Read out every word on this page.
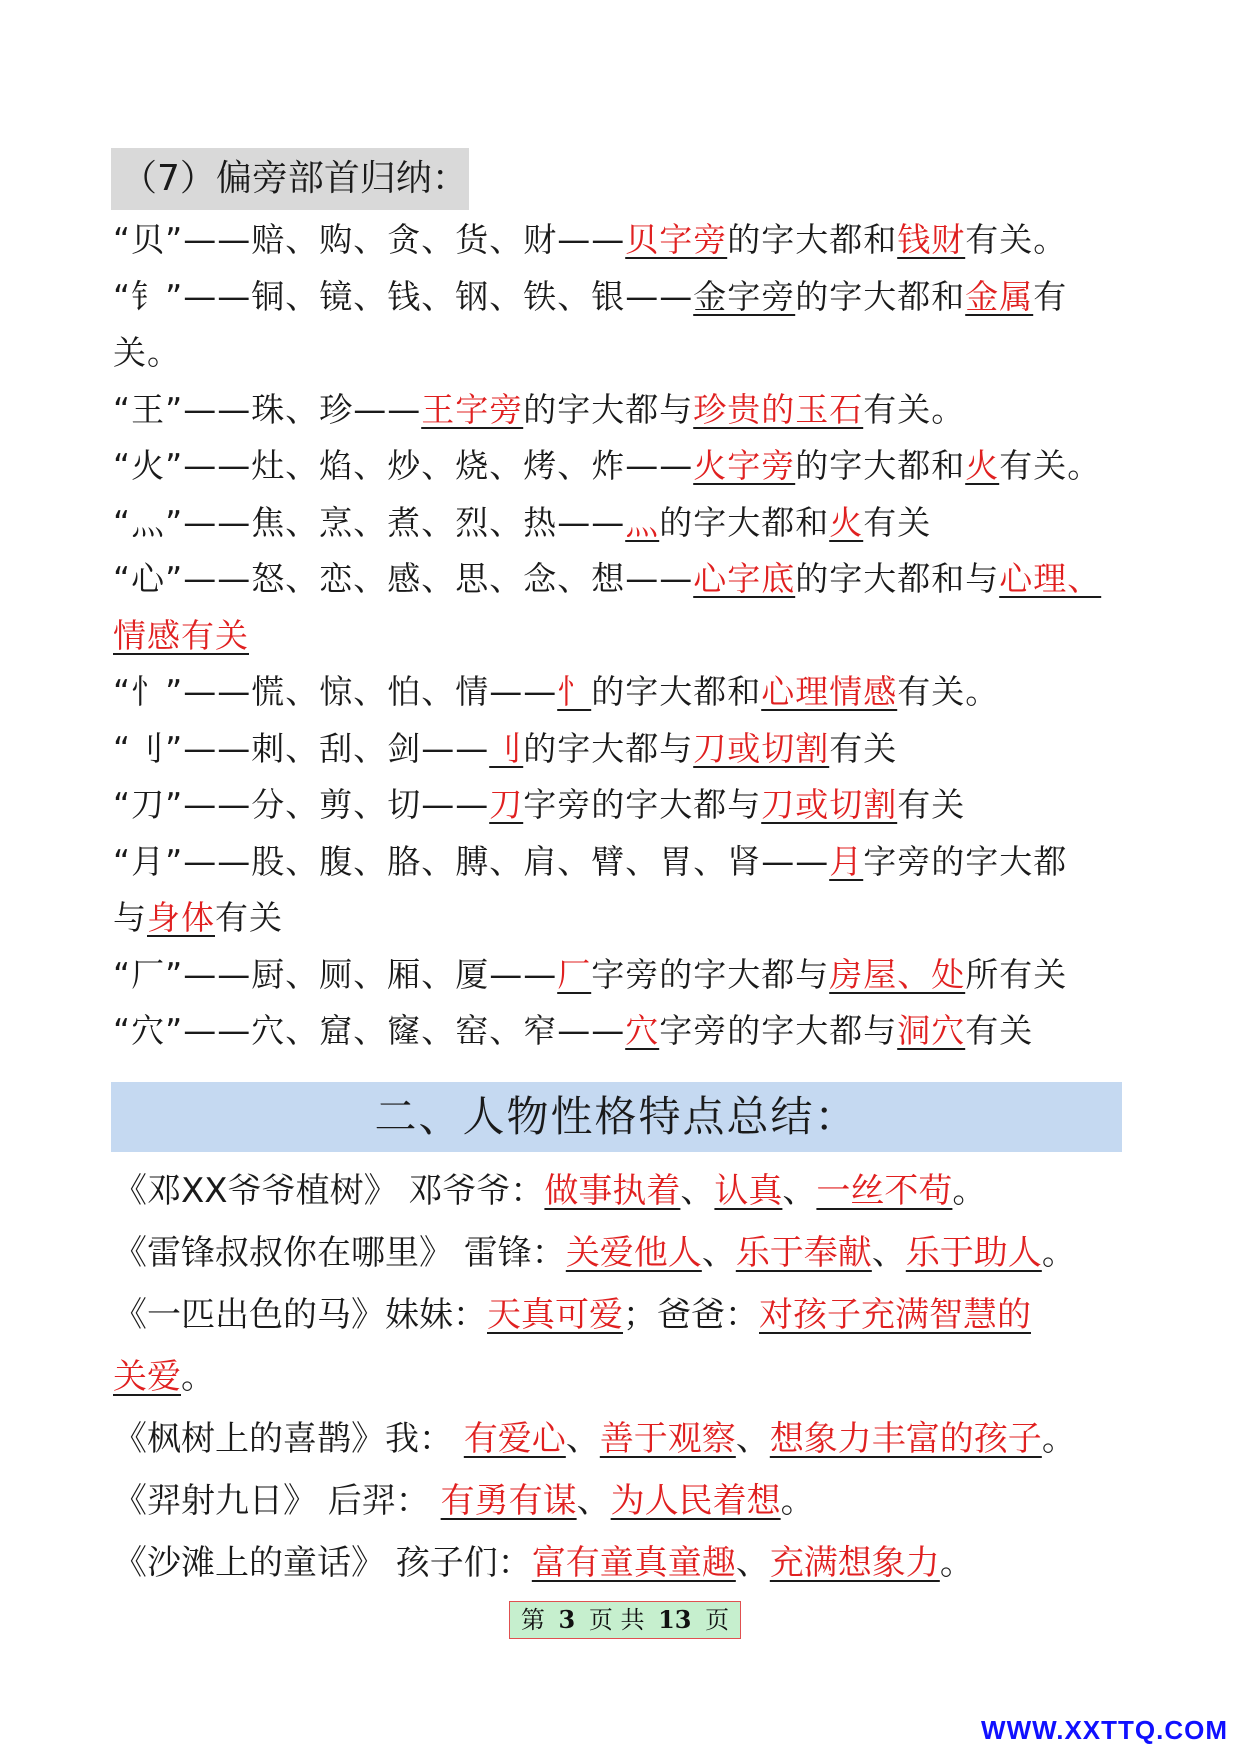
（7）偏旁部首归纳：
“贝”——赔、购、贪、货、财——贝字旁的字大都和钱财有关。
“钅”——铜、镜、钱、钢、铁、银——金字旁的字大都和金属有
关。
“王”——珠、珍——王字旁的字大都与珍贵的玉石有关。
“火”——灶、焰、炒、烧、烤、炸——火字旁的字大都和火有关。
“灬”——焦、烹、煮、烈、热——灬的字大都和火有关
“心”——怒、恋、感、思、念、想——心字底的字大都和与心理、
情感有关
“忄”——慌、惊、怕、情——忄的字大都和心理情感有关。
“刂”——刺、刮、剑——刂的字大都与刀或切割有关
“刀”——分、剪、切——刀字旁的字大都与刀或切割有关
“月”——股、腹、胳、膊、肩、臂、胃、肾——月字旁的字大都
与身体有关
“厂”——厨、厕、厢、厦——厂字旁的字大都与房屋、处所有关
“穴”——穴、窟、窿、窑、窄——穴字旁的字大都与洞穴有关
二、人物性格特点总结：
《邓XX爷爷植树》 邓爷爷：做事执着、认真、一丝不苟。
《雷锋叔叔你在哪里》 雷锋：关爱他人、乐于奉献、乐于助人。
《一匹出色的马》妹妹：天真可爱；爸爸：对孩子充满智慧的
关爱。
《枫树上的喜鹊》我： 有爱心、善于观察、想象力丰富的孩子。
《羿射九日》 后羿： 有勇有谋、为人民着想。
《沙滩上的童话》 孩子们：富有童真童趣、充满想象力。
第 3 页 共 13 页
WWW.XXTTQ.COM
